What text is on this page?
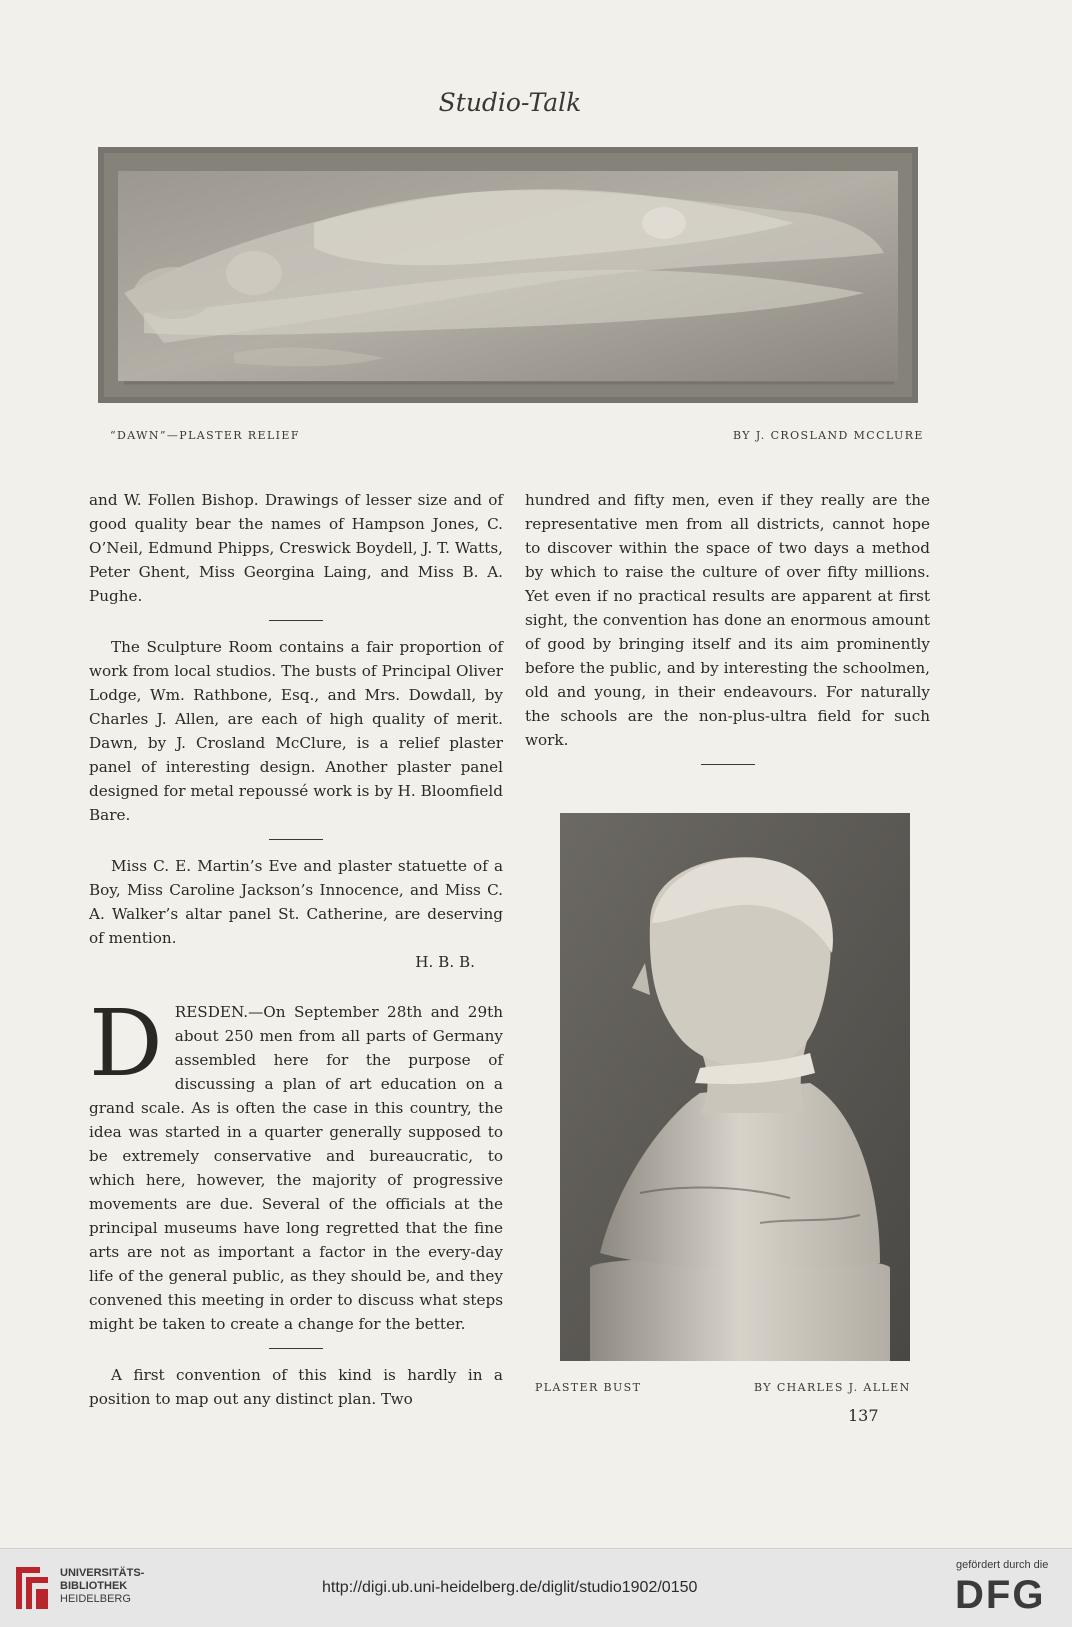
Studio-Talk
“DAWN”—PLASTER RELIEF	BY J. CROSLAND MCCLURE

and W. Follen Bishop. Drawings of lesser size and of good quality bear the names of Hampson Jones, C. O’Neil, Edmund Phipps, Creswick Boydell, J. T. Watts, Peter Ghent, Miss Georgina Laing, and Miss B. A. Pughe.

The Sculpture Room contains a fair proportion of work from local studios. The busts of Principal Oliver Lodge, Wm. Rathbone, Esq., and Mrs. Dowdall, by Charles J. Allen, are each of high quality of merit. Dawn, by J. Crosland McClure, is a relief plaster panel of interesting design. Another plaster panel designed for metal repoussé work is by H. Bloomfield Bare.

Miss C. E. Martin’s Eve and plaster statuette of a Boy, Miss Caroline Jackson’s Innocence, and Miss C. A. Walker’s altar panel St. Catherine, are deserving of mention.

H. B. B.

DRESDEN.—On September 28th and 29th about 250 men from all parts of Germany assembled here for the purpose of discussing a plan of art education on a grand scale. As is often the case in this country, the idea was started in a quarter generally supposed to be extremely conservative and bureaucratic, to which here, however, the majority of progressive movements are due. Several of the officials at the principal museums have long regretted that the fine arts are not as important a factor in the every-day life of the general public, as they should be, and they convened this meeting in order to discuss what steps might be taken to create a change for the better.

A first convention of this kind is hardly in a position to map out any distinct plan. Two

hundred and fifty men, even if they really are the representative men from all districts, cannot hope to discover within the space of two days a method by which to raise the culture of over fifty millions. Yet even if no practical results are apparent at first sight, the convention has done an enormous amount of good by bringing itself and its aim prominently before the public, and by interesting the schoolmen, old and young, in their endeavours. For naturally the schools are the non-plus-ultra field for such work.

PLASTER BUST	BY CHARLES J. ALLEN
137
UNIVERSITÄTS-
BIBLIOTHEK
HEIDELBERG
http://digi.ub.uni-heidelberg.de/diglit/studio1902/0150
gefördert durch die
DFG
